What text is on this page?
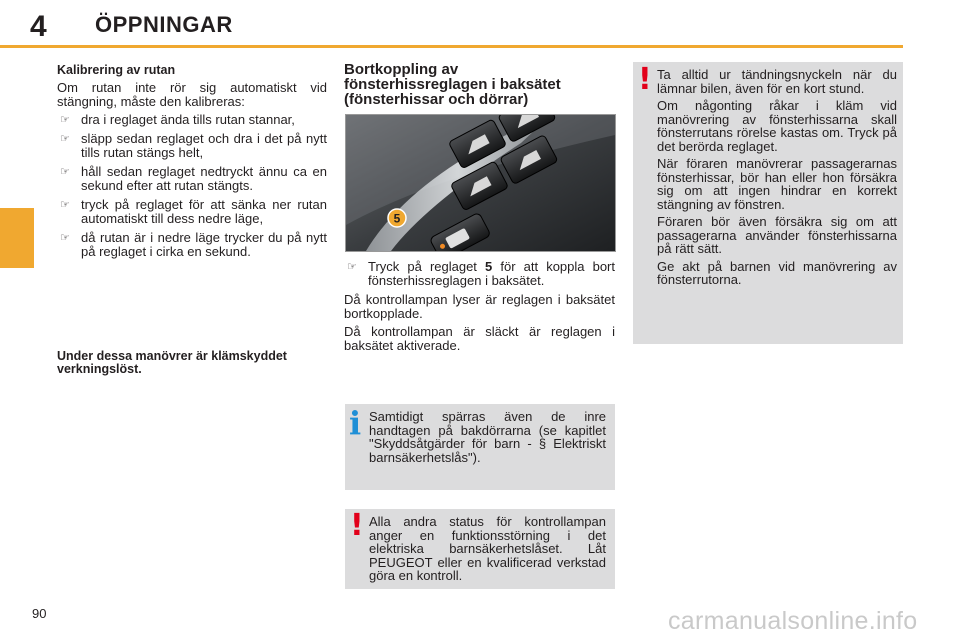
4 ÖPPNINGAR

Kalibrering av rutan

Om rutan inte rör sig automatiskt vid stängning, måste den kalibreras:

☞ dra i reglaget ända tills rutan stannar,
☞ släpp sedan reglaget och dra i det på nytt tills rutan stängs helt,
☞ håll sedan reglaget nedtryckt ännu ca en sekund efter att rutan stängts.
☞ tryck på reglaget för att sänka ner rutan automatiskt till dess nedre läge,
☞ då rutan är i nedre läge trycker du på nytt på reglaget i cirka en sekund.

Under dessa manövrer är klämskyddet verkningslöst.

Bortkoppling av
fönsterhissreglagen i baksätet
(fönsterhissar och dörrar)
5
☞ Tryck på reglaget 5 för att koppla bort fönsterhissreglagen i baksätet.

Då kontrollampan lyser är reglagen i baksätet bortkopplade.

Då kontrollampan är släckt är reglagen i baksätet aktiverade.

i Samtidigt spärras även de inre handtagen på bakdörrarna (se kapitlet "Skyddsåtgärder för barn - § Elektriskt barnsäkerhetslås").

! Alla andra status för kontrollampan anger en funktionsstörning i det elektriska barnsäkerhetslåset. Låt PEUGEOT eller en kvalificerad verkstad göra en kontroll.

! Ta alltid ur tändningsnyckeln när du lämnar bilen, även för en kort stund.

Om någonting råkar i kläm vid manövrering av fönsterhissarna skall fönsterrutans rörelse kastas om. Tryck på det berörda reglaget.

När föraren manövrerar passagerarnas fönsterhissar, bör han eller hon försäkra sig om att ingen hindrar en korrekt stängning av fönstren.

Föraren bör även försäkra sig om att passagerarna använder fönsterhissarna på rätt sätt.

Ge akt på barnen vid manövrering av fönsterrutorna.

90	carmanualsonline.info
